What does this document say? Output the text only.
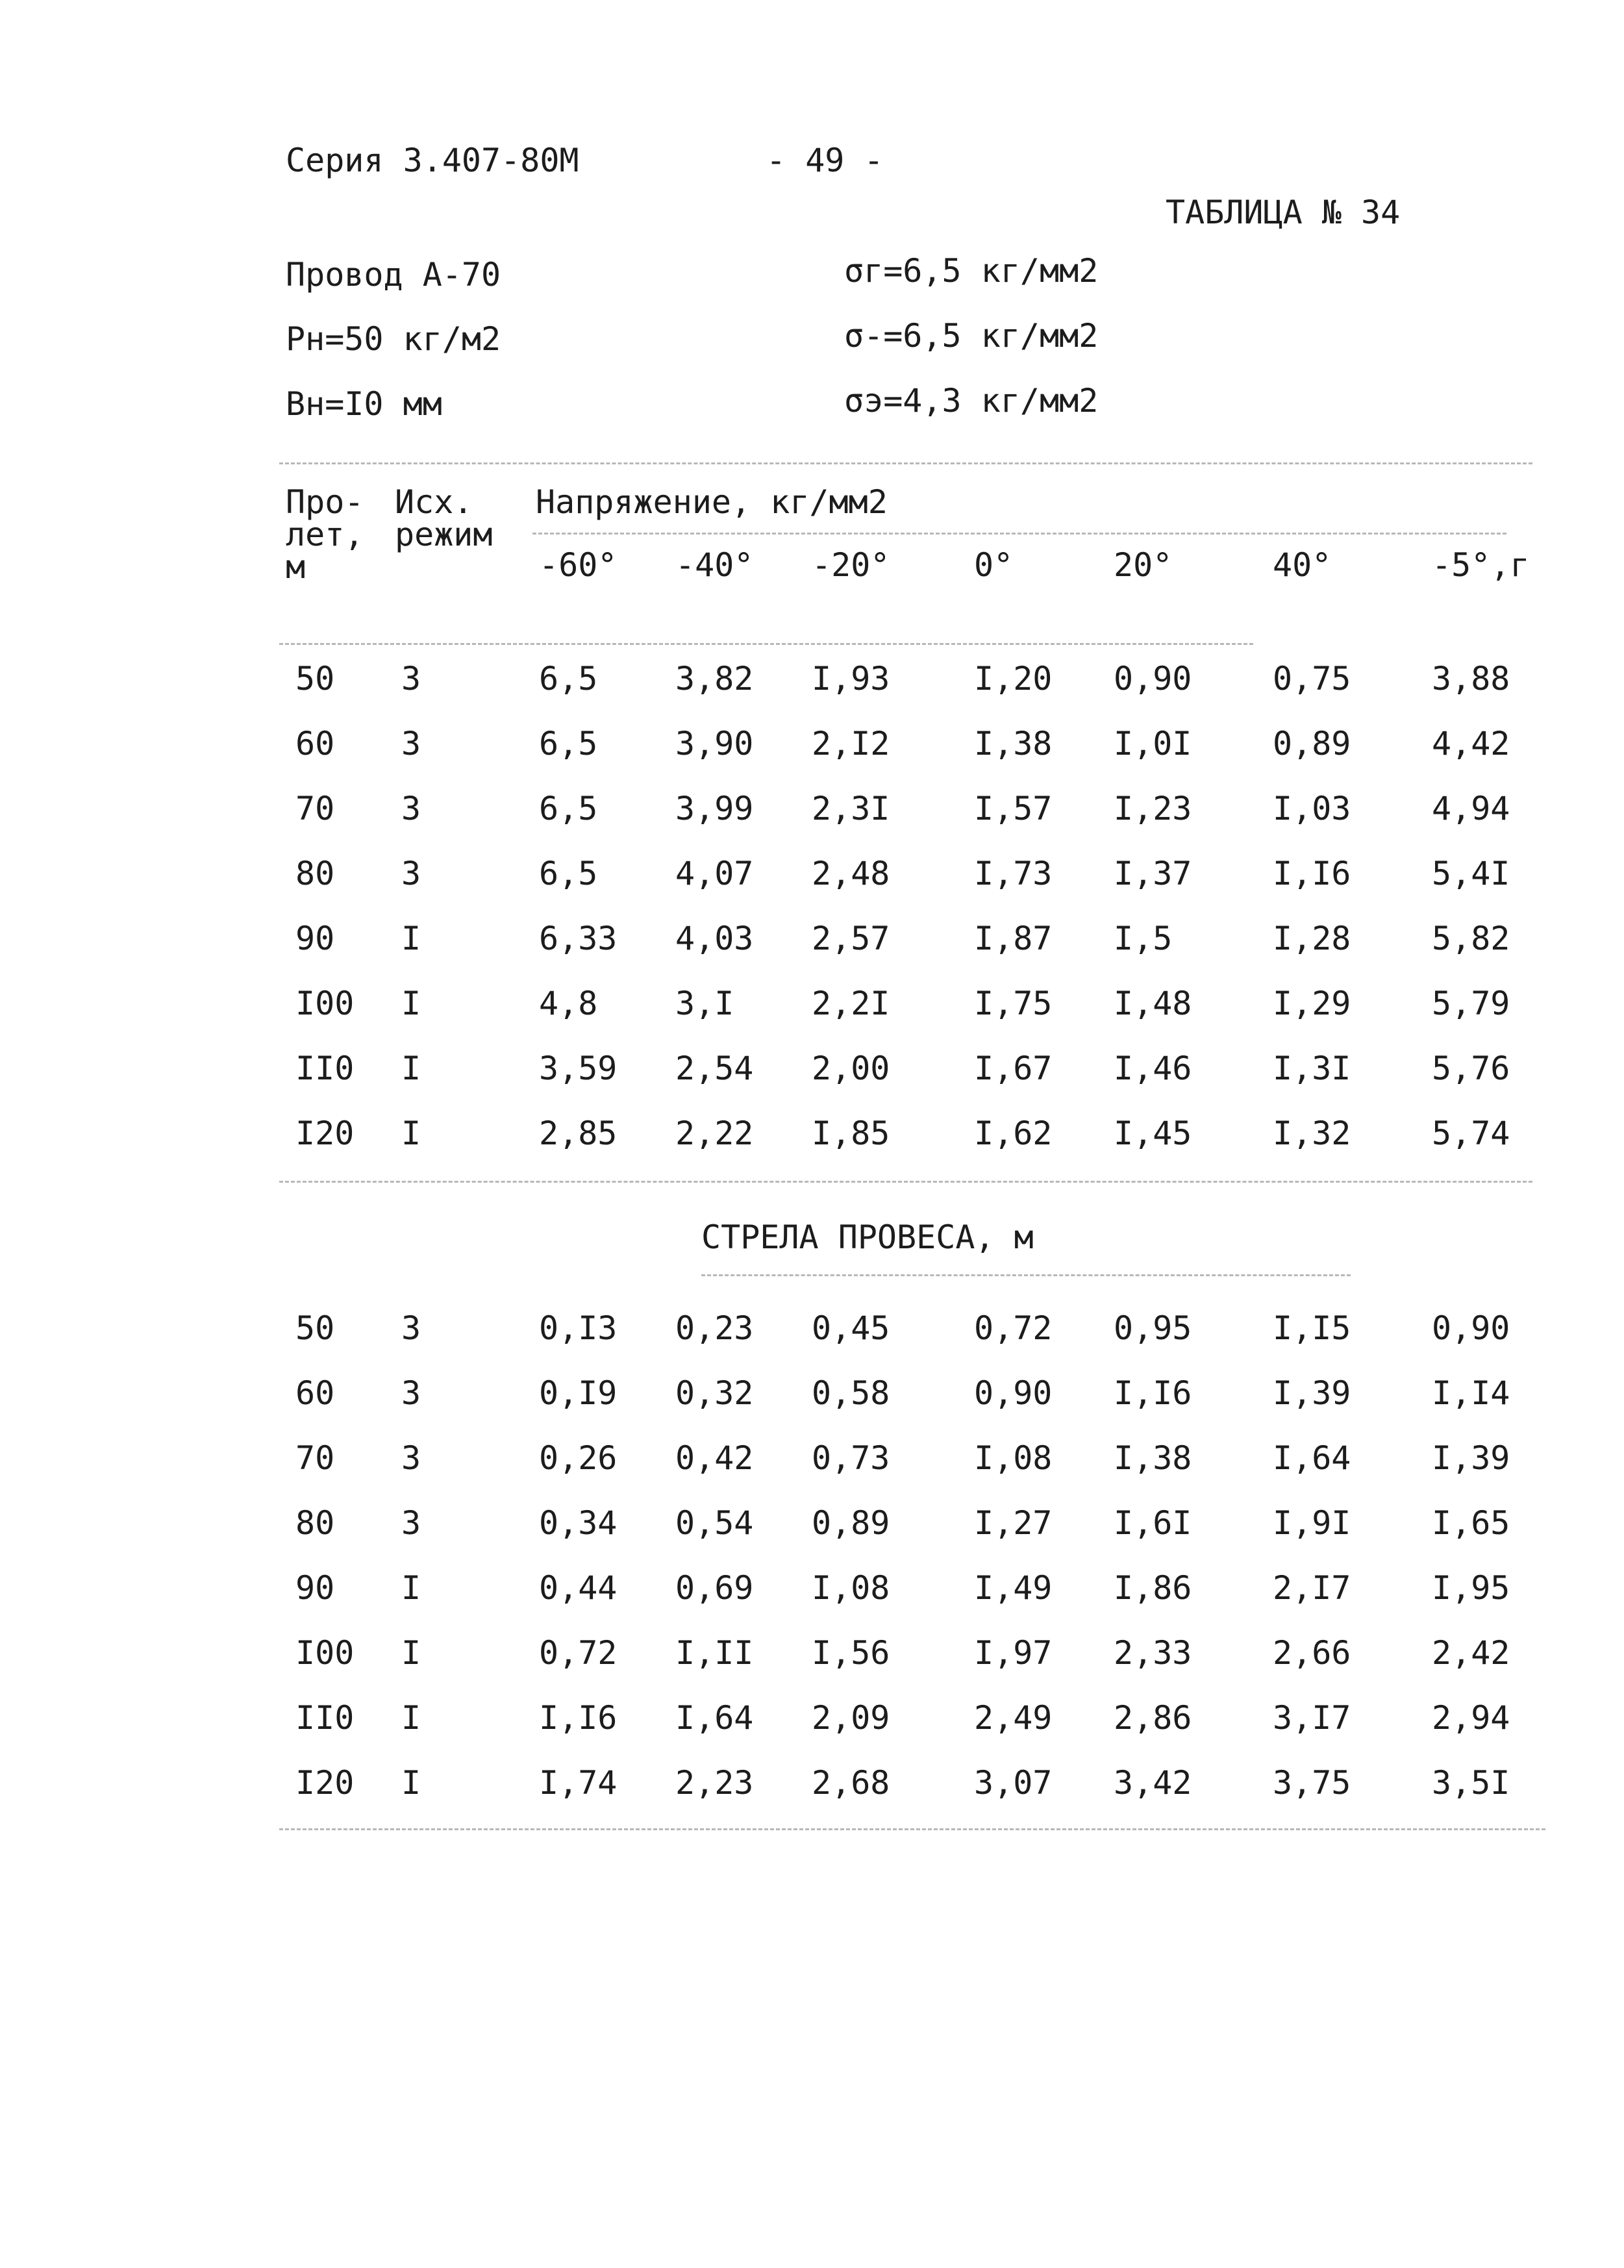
Серия 3.407-80М	- 49 -
ТАБЛИЦА № 34
Провод А-70
Рн=50 кг/м2
Вн=I0 мм
σг=6,5 кг/мм2
σ-=6,5 кг/мм2
σэ=4,3 кг/мм2
Про- Исх. Напряжение, кг/мм2
лет, режим
м	-60° -40° -20°	0°	20°	40°	-5°,г
50 3	6,5 3,82 I,93	I,20 0,90 0,75 3,88
60 3	6,5 3,90 2,I2	I,38 I,0I 0,89 4,42
70 3	6,5 3,99 2,3I	I,57 I,23 I,03 4,94
80 3	6,5 4,07 2,48	I,73 I,37 I,I6 5,4I
90 I	6,33 4,03 2,57	I,87 I,5	I,28 5,82
I00 I	4,8 3,I 2,2I	I,75 I,48 I,29 5,79
II0 I	3,59 2,54 2,00	I,67 I,46 I,3I 5,76
I20 I	2,85 2,22 I,85	I,62 I,45 I,32 5,74
СТРЕЛА ПРОВЕСА, м
50 3	0,I3 0,23 0,45	0,72 0,95 I,I5 0,90
60 3	0,I9 0,32 0,58	0,90 I,I6 I,39 I,I4
70 3	0,26 0,42 0,73	I,08 I,38 I,64 I,39
80 3	0,34 0,54 0,89	I,27 I,6I I,9I I,65
90 I	0,44 0,69 I,08	I,49 I,86 2,I7 I,95
I00 I	0,72 I,II I,56	I,97 2,33 2,66 2,42
II0 I	I,I6 I,64 2,09	2,49 2,86 3,I7 2,94
I20 I	I,74 2,23 2,68	3,07 3,42 3,75 3,5I
